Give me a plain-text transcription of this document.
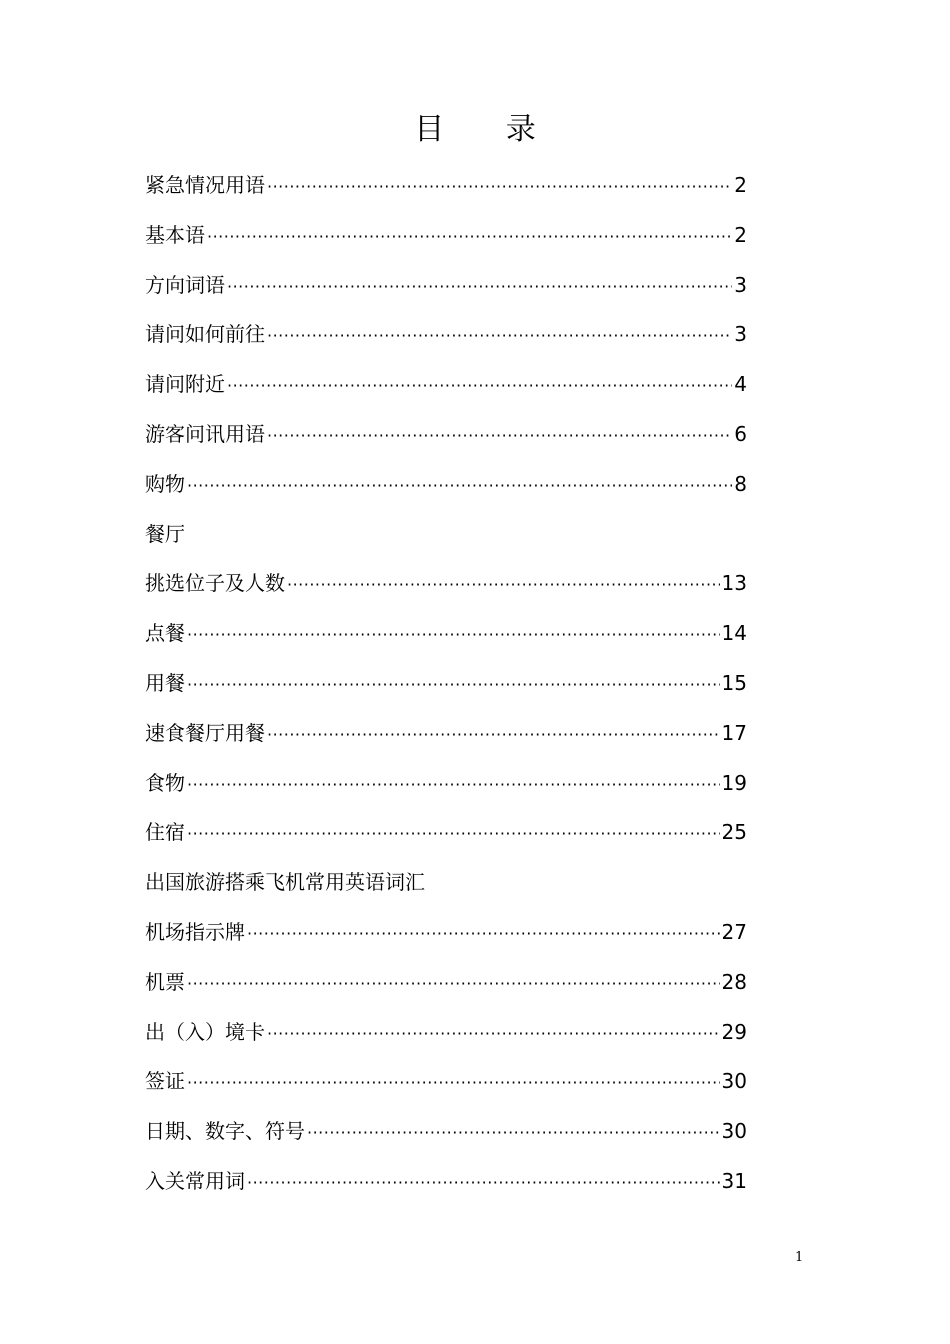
目 录
紧急情况用语 ·····	2
基本语 ·····	2
方向词语 ·····	3
请问如何前往 ·····	3
请问附近 ·····	4
游客问讯用语 ·····	6
购物 ·····	8
餐厅
挑选位子及人数 ·····	13
点餐 ·····	14
用餐 ·····	15
速食餐厅用餐 ·····	17
食物 ·····	19
住宿 ·····	25
出国旅游搭乘飞机常用英语词汇
机场指示牌 ·····	27
机票 ·····	28
出（入）境卡 ·····	29
签证 ·····	30
日期、数字、符号 ·····	30
入关常用词 ·····	31
1
